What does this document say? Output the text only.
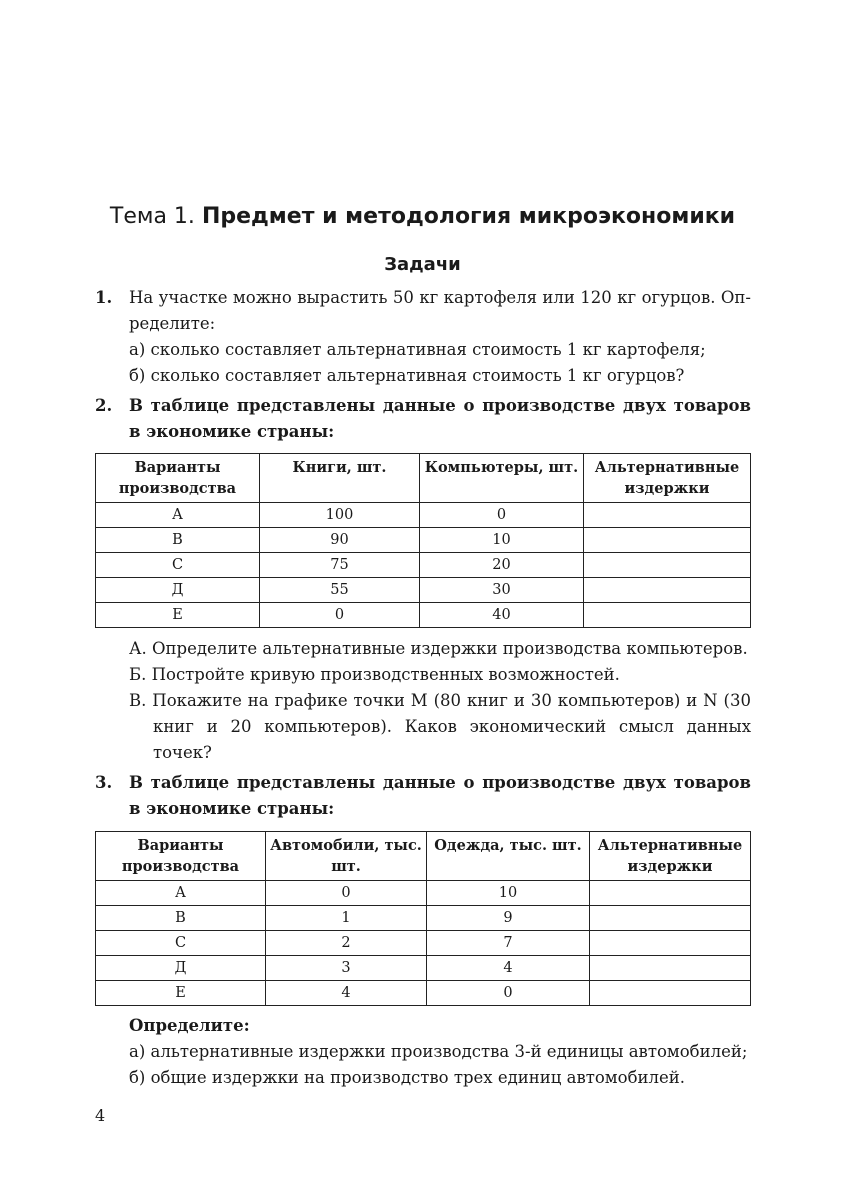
Тема 1. Предмет и методология микроэкономики
Задачи
1. На участке можно вырастить 50 кг картофеля или 120 кг огурцов. Оп-
ределите:
а) сколько составляет альтернативная стоимость 1 кг картофеля;
б) сколько составляет альтернативная стоимость 1 кг огурцов?
2. В таблице представлены данные о производстве двух товаров
в экономике страны:
Варианты производства	Книги, шт.	Компьютеры, шт.	Альтернативные издержки
А	100	0	
В	90	10	
С	75	20	
Д	55	30	
Е	0	40	
А. Определите альтернативные издержки производства компьютеров.
Б. Постройте кривую производственных возможностей.
В. Покажите на графике точки M (80 книг и 30 компьютеров) и N (30 книг и 20 компьютеров). Каков экономический смысл данных точек?
3. В таблице представлены данные о производстве двух товаров
в экономике страны:
Варианты производства	Автомобили, тыс. шт.	Одежда, тыс. шт.	Альтернативные издержки
А	0	10	
В	1	9	
С	2	7	
Д	3	4	
Е	4	0	
Определите:
а) альтернативные издержки производства 3-й единицы автомобилей;
б) общие издержки на производство трех единиц автомобилей.
4
